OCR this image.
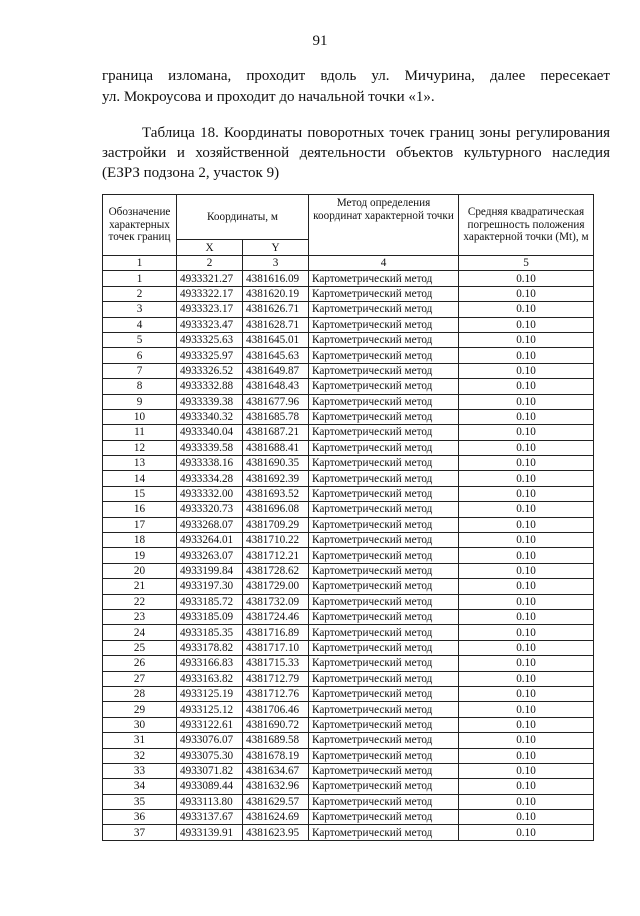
91
граница изломана, проходит вдоль ул. Мичурина, далее пересекает
ул. Мокроусова и проходит до начальной точки «1».
Таблица 18. Координаты поворотных точек границ зоны регулирования
застройки и хозяйственной деятельности объектов культурного наследия
(ЕЗРЗ подзона 2, участок 9)
Обозначение характерных точек границ	Координаты, м		Метод определения координат характерной точки	Средняя квадратическая погрешность положения характерной точки (Mt), м
	X	Y		
1	2	3	4	5
1	4933321.27	4381616.09	Картометрический метод	0.10
2	4933322.17	4381620.19	Картометрический метод	0.10
3	4933323.17	4381626.71	Картометрический метод	0.10
4	4933323.47	4381628.71	Картометрический метод	0.10
5	4933325.63	4381645.01	Картометрический метод	0.10
6	4933325.97	4381645.63	Картометрический метод	0.10
7	4933326.52	4381649.87	Картометрический метод	0.10
8	4933332.88	4381648.43	Картометрический метод	0.10
9	4933339.38	4381677.96	Картометрический метод	0.10
10	4933340.32	4381685.78	Картометрический метод	0.10
11	4933340.04	4381687.21	Картометрический метод	0.10
12	4933339.58	4381688.41	Картометрический метод	0.10
13	4933338.16	4381690.35	Картометрический метод	0.10
14	4933334.28	4381692.39	Картометрический метод	0.10
15	4933332.00	4381693.52	Картометрический метод	0.10
16	4933320.73	4381696.08	Картометрический метод	0.10
17	4933268.07	4381709.29	Картометрический метод	0.10
18	4933264.01	4381710.22	Картометрический метод	0.10
19	4933263.07	4381712.21	Картометрический метод	0.10
20	4933199.84	4381728.62	Картометрический метод	0.10
21	4933197.30	4381729.00	Картометрический метод	0.10
22	4933185.72	4381732.09	Картометрический метод	0.10
23	4933185.09	4381724.46	Картометрический метод	0.10
24	4933185.35	4381716.89	Картометрический метод	0.10
25	4933178.82	4381717.10	Картометрический метод	0.10
26	4933166.83	4381715.33	Картометрический метод	0.10
27	4933163.82	4381712.79	Картометрический метод	0.10
28	4933125.19	4381712.76	Картометрический метод	0.10
29	4933125.12	4381706.46	Картометрический метод	0.10
30	4933122.61	4381690.72	Картометрический метод	0.10
31	4933076.07	4381689.58	Картометрический метод	0.10
32	4933075.30	4381678.19	Картометрический метод	0.10
33	4933071.82	4381634.67	Картометрический метод	0.10
34	4933089.44	4381632.96	Картометрический метод	0.10
35	4933113.80	4381629.57	Картометрический метод	0.10
36	4933137.67	4381624.69	Картометрический метод	0.10
37	4933139.91	4381623.95	Картометрический метод	0.10
